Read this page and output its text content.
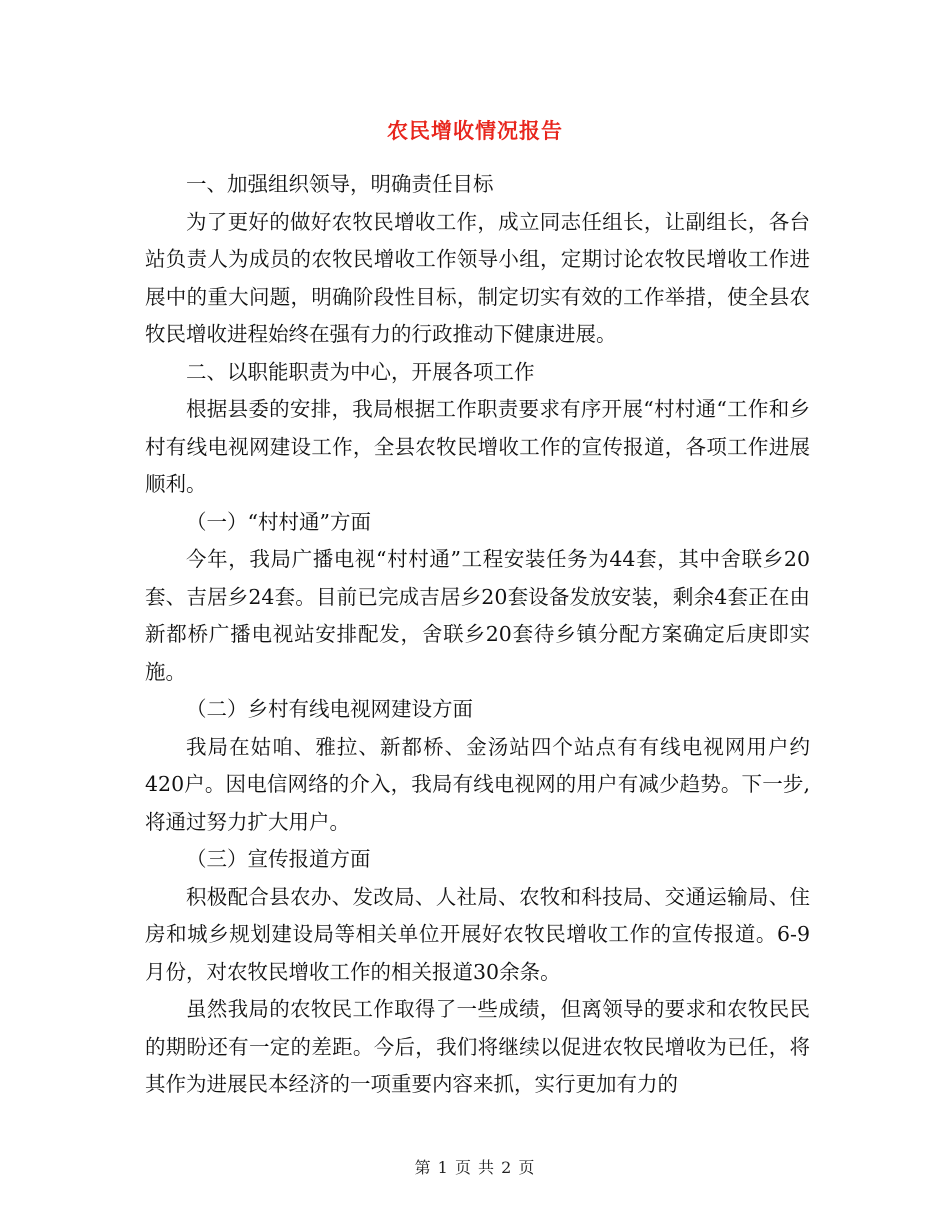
农民增收情况报告

一、加强组织领导，明确责任目标

为了更好的做好农牧民增收工作，成立同志任组长，让副组长，各台站负责人为成员的农牧民增收工作领导小组，定期讨论农牧民增收工作进展中的重大问题，明确阶段性目标，制定切实有效的工作举措，使全县农牧民增收进程始终在强有力的行政推动下健康进展。

二、以职能职责为中心，开展各项工作

根据县委的安排，我局根据工作职责要求有序开展“村村通“工作和乡村有线电视网建设工作，全县农牧民增收工作的宣传报道，各项工作进展顺利。

（一）“村村通”方面

今年，我局广播电视“村村通”工程安装任务为44套，其中舍联乡20套、吉居乡24套。目前已完成吉居乡20套设备发放安装，剩余4套正在由新都桥广播电视站安排配发，舍联乡20套待乡镇分配方案确定后庚即实施。

（二）乡村有线电视网建设方面

我局在姑咱、雅拉、新都桥、金汤站四个站点有有线电视网用户约420户。因电信网络的介入，我局有线电视网的用户有减少趋势。下一步,将通过努力扩大用户。

（三）宣传报道方面

积极配合县农办、发改局、人社局、农牧和科技局、交通运输局、住房和城乡规划建设局等相关单位开展好农牧民增收工作的宣传报道。6-9月份，对农牧民增收工作的相关报道30余条。

虽然我局的农牧民工作取得了一些成绩，但离领导的要求和农牧民民的期盼还有一定的差距。今后，我们将继续以促进农牧民增收为已任，将其作为进展民本经济的一项重要内容来抓，实行更加有力的

第 1 页 共 2 页
